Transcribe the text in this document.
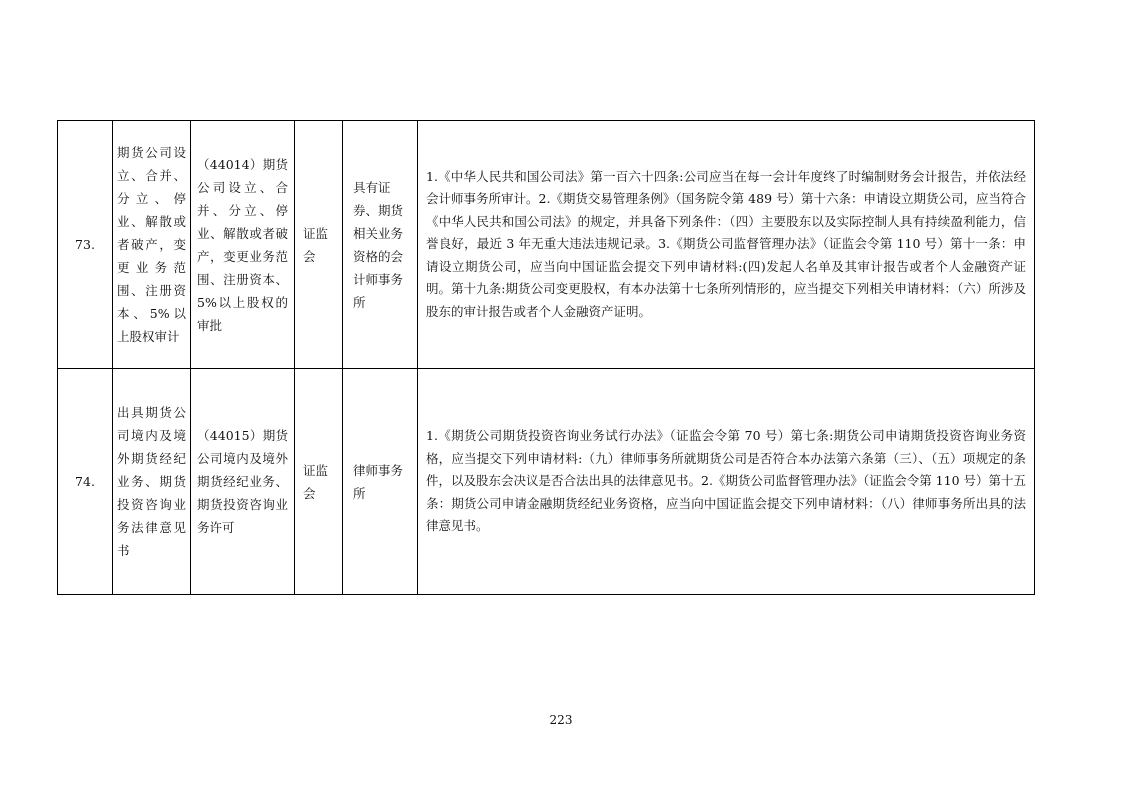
73.	期货公司设立、合并、分立、停业、解散或者破产，变更业务范围、注册资本、5%以上股权审计	（44014）期货公司设立、合并、分立、停业、解散或者破产，变更业务范围、注册资本、5%以上股权的审批	证监会	具有证券、期货相关业务资格的会计师事务所	1.《中华人民共和国公司法》第一百六十四条:公司应当在每一会计年度终了时编制财务会计报告，并依法经会计师事务所审计。2.《期货交易管理条例》（国务院令第 489 号）第十六条：申请设立期货公司，应当符合《中华人民共和国公司法》的规定，并具备下列条件：（四）主要股东以及实际控制人具有持续盈利能力，信誉良好，最近 3 年无重大违法违规记录。3.《期货公司监督管理办法》（证监会令第 110 号）第十一条：申请设立期货公司，应当向中国证监会提交下列申请材料:(四)发起人名单及其审计报告或者个人金融资产证明。第十九条:期货公司变更股权，有本办法第十七条所列情形的，应当提交下列相关申请材料：（六）所涉及股东的审计报告或者个人金融资产证明。
74.	出具期货公司境内及境外期货经纪业务、期货投资咨询业务法律意见书	（44015）期货公司境内及境外期货经纪业务、期货投资咨询业务许可	证监会	律师事务所	1.《期货公司期货投资咨询业务试行办法》（证监会令第 70 号）第七条:期货公司申请期货投资咨询业务资格，应当提交下列申请材料:（九）律师事务所就期货公司是否符合本办法第六条第（三）、（五）项规定的条件，以及股东会决议是否合法出具的法律意见书。2.《期货公司监督管理办法》（证监会令第 110 号）第十五条：期货公司申请金融期货经纪业务资格，应当向中国证监会提交下列申请材料：（八）律师事务所出具的法律意见书。
223
